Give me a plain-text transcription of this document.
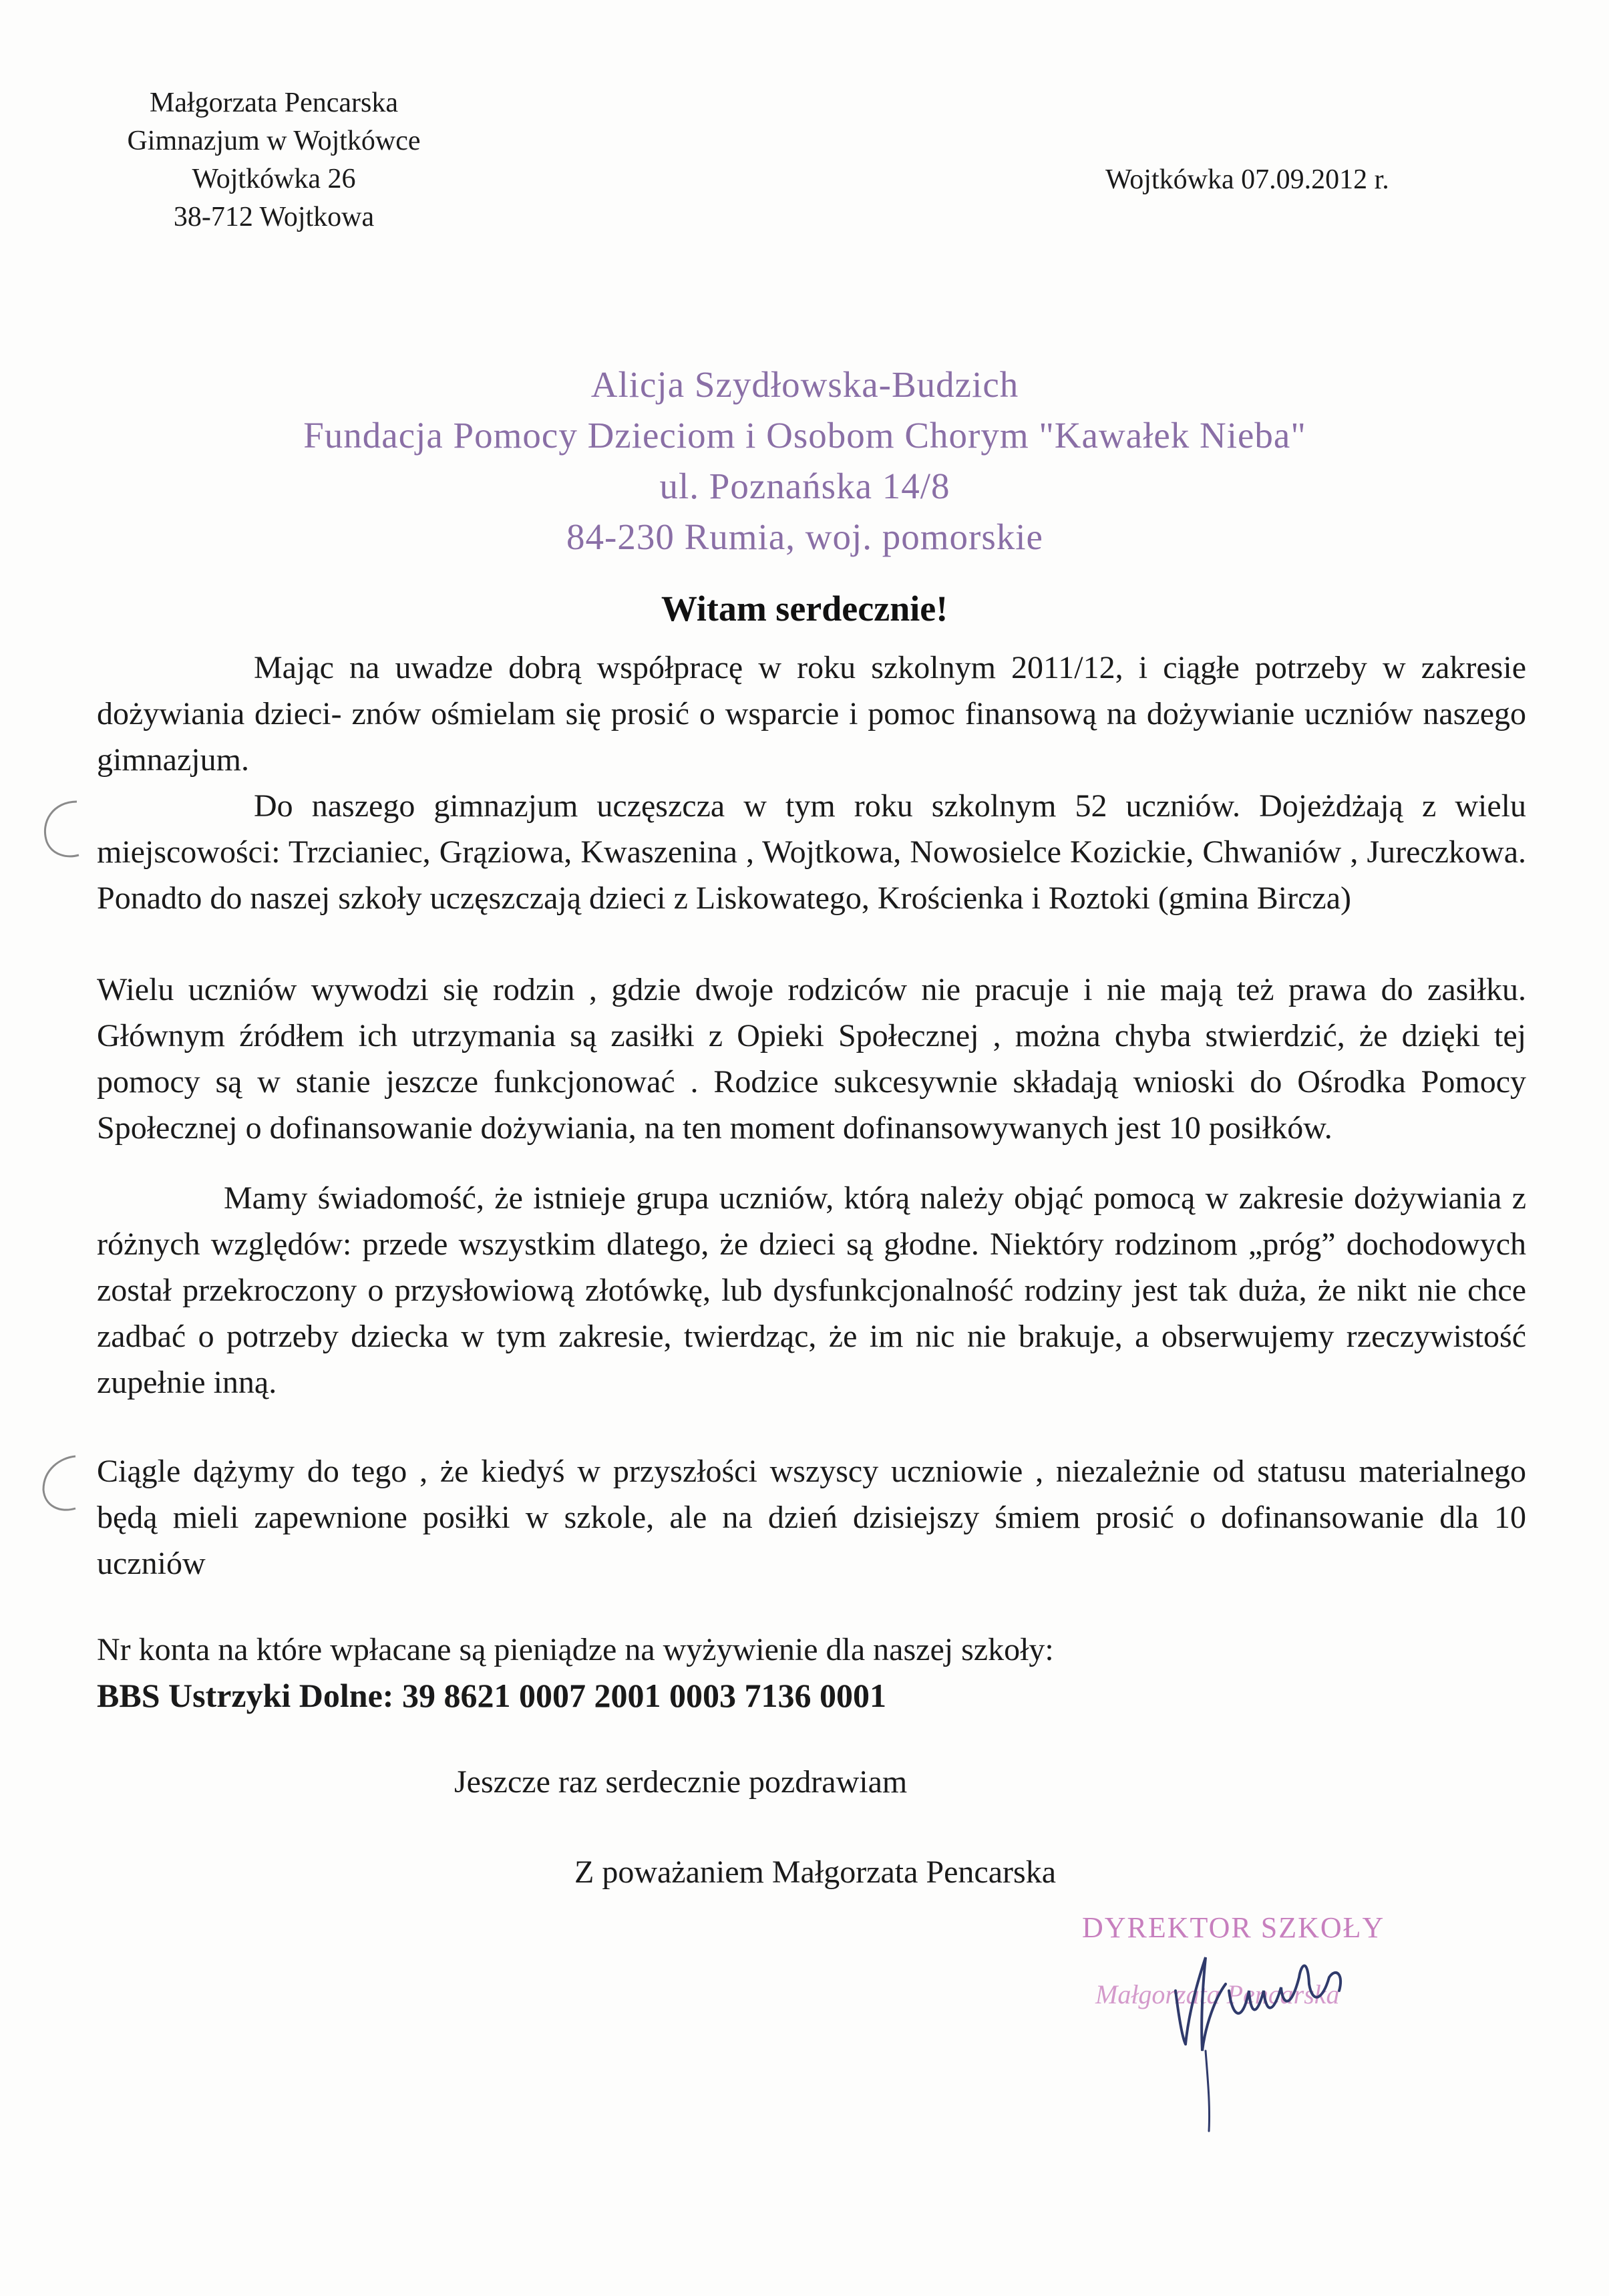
Małgorzata Pencarska
Gimnazjum w Wojtkówce
Wojtkówka 26
38-712 Wojtkowa
Wojtkówka 07.09.2012 r.
Alicja Szydłowska-Budzich
Fundacja Pomocy Dzieciom i Osobom Chorym "Kawałek Nieba"
ul. Poznańska 14/8
84-230 Rumia, woj. pomorskie
Witam serdecznie!

Mając na uwadze dobrą współpracę w roku szkolnym 2011/12, i ciągłe potrzeby w zakresie dożywiania dzieci- znów ośmielam się prosić o wsparcie i pomoc finansową na dożywianie uczniów naszego gimnazjum.

Do naszego gimnazjum uczęszcza w tym roku szkolnym 52 uczniów. Dojeżdżają z wielu miejscowości: Trzcianiec, Grąziowa, Kwaszenina , Wojtkowa, Nowosielce Kozickie, Chwaniów , Jureczkowa. Ponadto do naszej szkoły uczęszczają dzieci z Liskowatego, Krościenka i Roztoki (gmina Bircza)

Wielu uczniów wywodzi się rodzin , gdzie dwoje rodziców nie pracuje i nie mają też prawa do zasiłku. Głównym źródłem ich utrzymania są zasiłki z Opieki Społecznej , można chyba stwierdzić, że dzięki tej pomocy są w stanie jeszcze funkcjonować . Rodzice sukcesywnie składają wnioski do Ośrodka Pomocy Społecznej o dofinansowanie dożywiania, na ten moment dofinansowywanych jest 10 posiłków.

Mamy świadomość, że istnieje grupa uczniów, którą należy objąć pomocą w zakresie dożywiania z różnych względów: przede wszystkim dlatego, że dzieci są głodne. Niektóry rodzinom „próg” dochodowych został przekroczony o przysłowiową złotówkę, lub dysfunkcjonalność rodziny jest tak duża, że nikt nie chce zadbać o potrzeby dziecka w tym zakresie, twierdząc, że im nic nie brakuje, a obserwujemy rzeczywistość zupełnie inną.

Ciągle dążymy do tego , że kiedyś w przyszłości wszyscy uczniowie , niezależnie od statusu materialnego będą mieli zapewnione posiłki w szkole, ale na dzień dzisiejszy śmiem prosić o dofinansowanie dla 10 uczniów

Nr konta na które wpłacane są pieniądze na wyżywienie dla naszej szkoły:
BBS Ustrzyki Dolne: 39 8621 0007 2001 0003 7136 0001
Jeszcze raz serdecznie pozdrawiam
Z poważaniem Małgorzata Pencarska
DYREKTOR SZKOŁY
Małgorzata Pencarska
